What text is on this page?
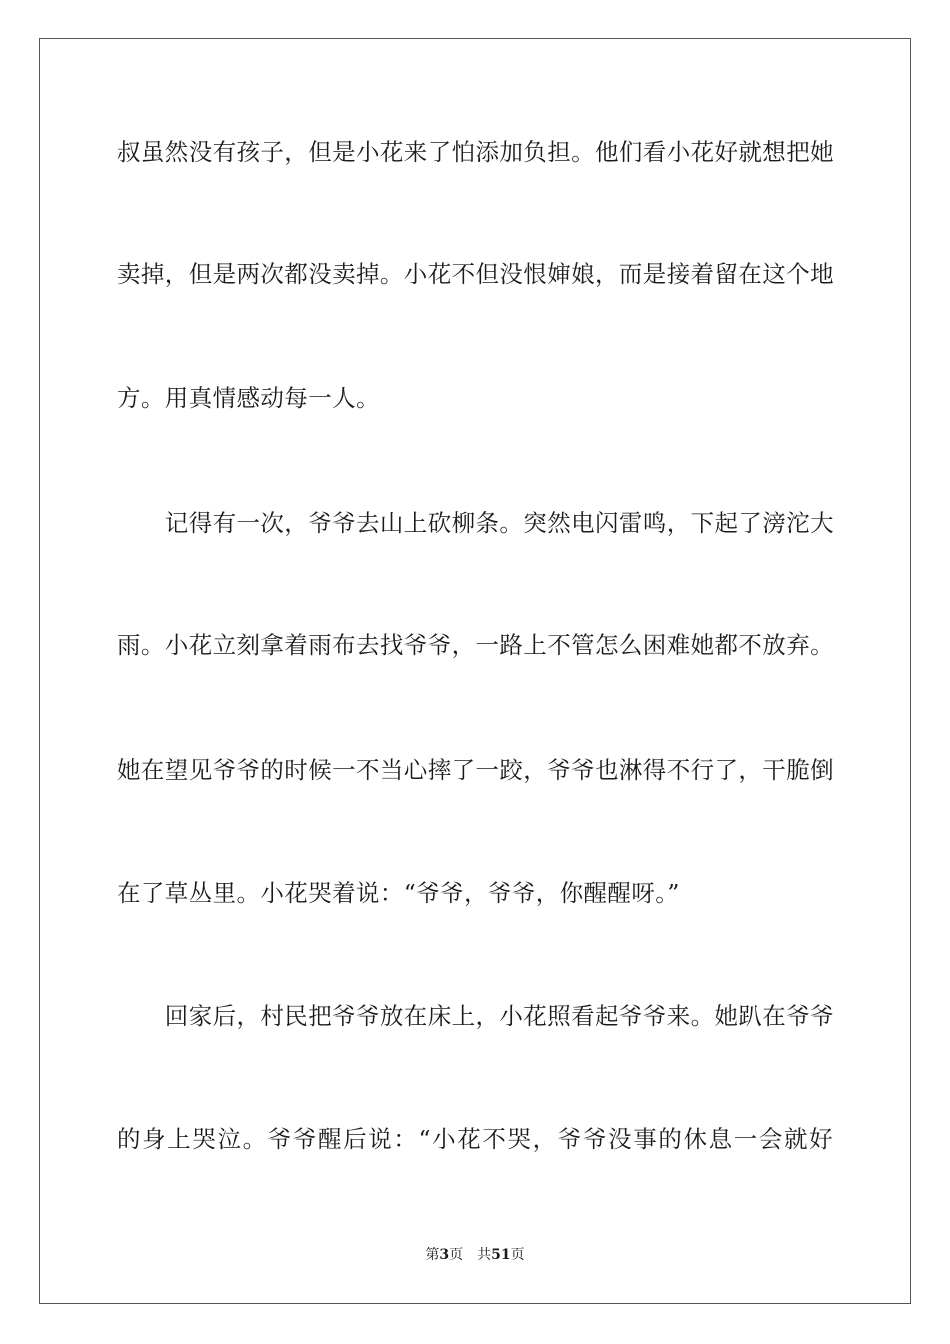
叔虽然没有孩子，但是小花来了怕添加负担。他们看小花好就想把她
卖掉，但是两次都没卖掉。小花不但没恨婶娘，而是接着留在这个地
方。用真情感动每一人。
　　记得有一次，爷爷去山上砍柳条。突然电闪雷鸣，下起了滂沱大
雨。小花立刻拿着雨布去找爷爷，一路上不管怎么困难她都不放弃。
她在望见爷爷的时候一不当心摔了一跤，爷爷也淋得不行了，干脆倒
在了草丛里。小花哭着说：“爷爷，爷爷，你醒醒呀。”
　　回家后，村民把爷爷放在床上，小花照看起爷爷来。她趴在爷爷
的身上哭泣。爷爷醒后说：“小花不哭，爷爷没事的休息一会就好
第3页 共51页
